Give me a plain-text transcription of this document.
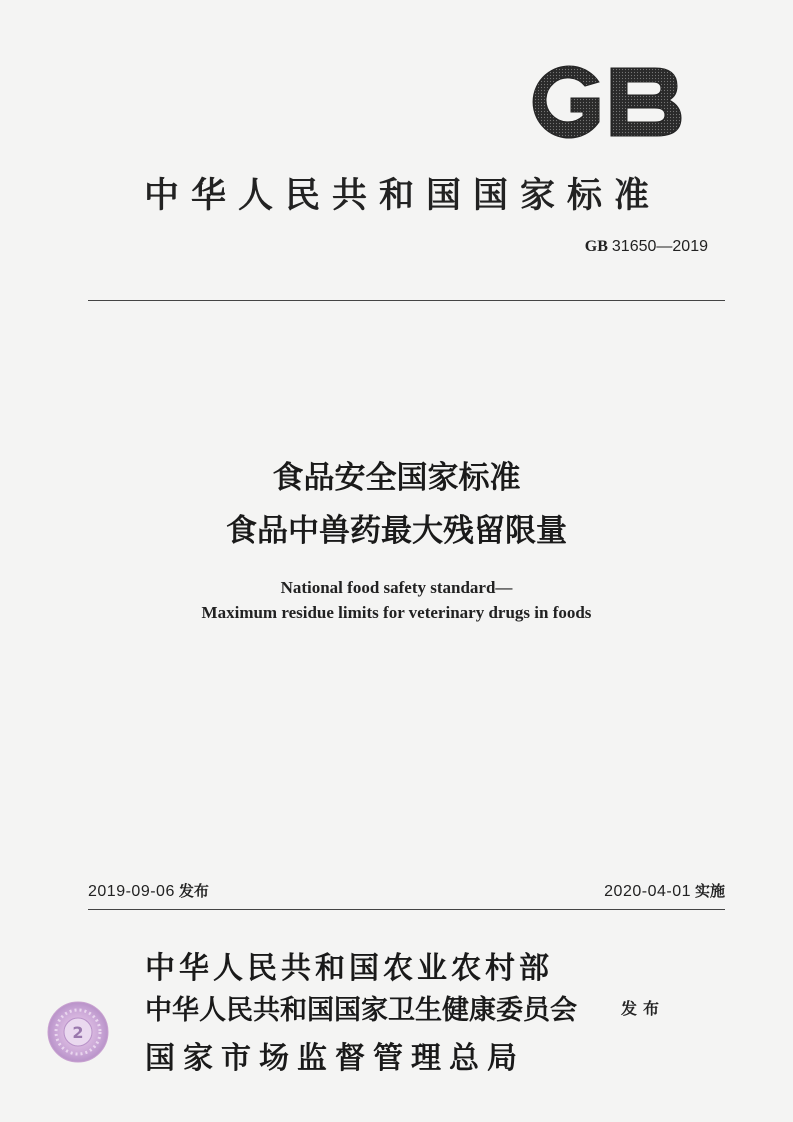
中华人民共和国国家标准
GB 31650—2019
食品安全国家标准
食品中兽药最大残留限量
National food safety standard—
Maximum residue limits for veterinary drugs in foods
2019-09-06 发布	2020-04-01 实施
中华人民共和国农业农村部
中华人民共和国国家卫生健康委员会	发布
国家市场监督管理总局
2
